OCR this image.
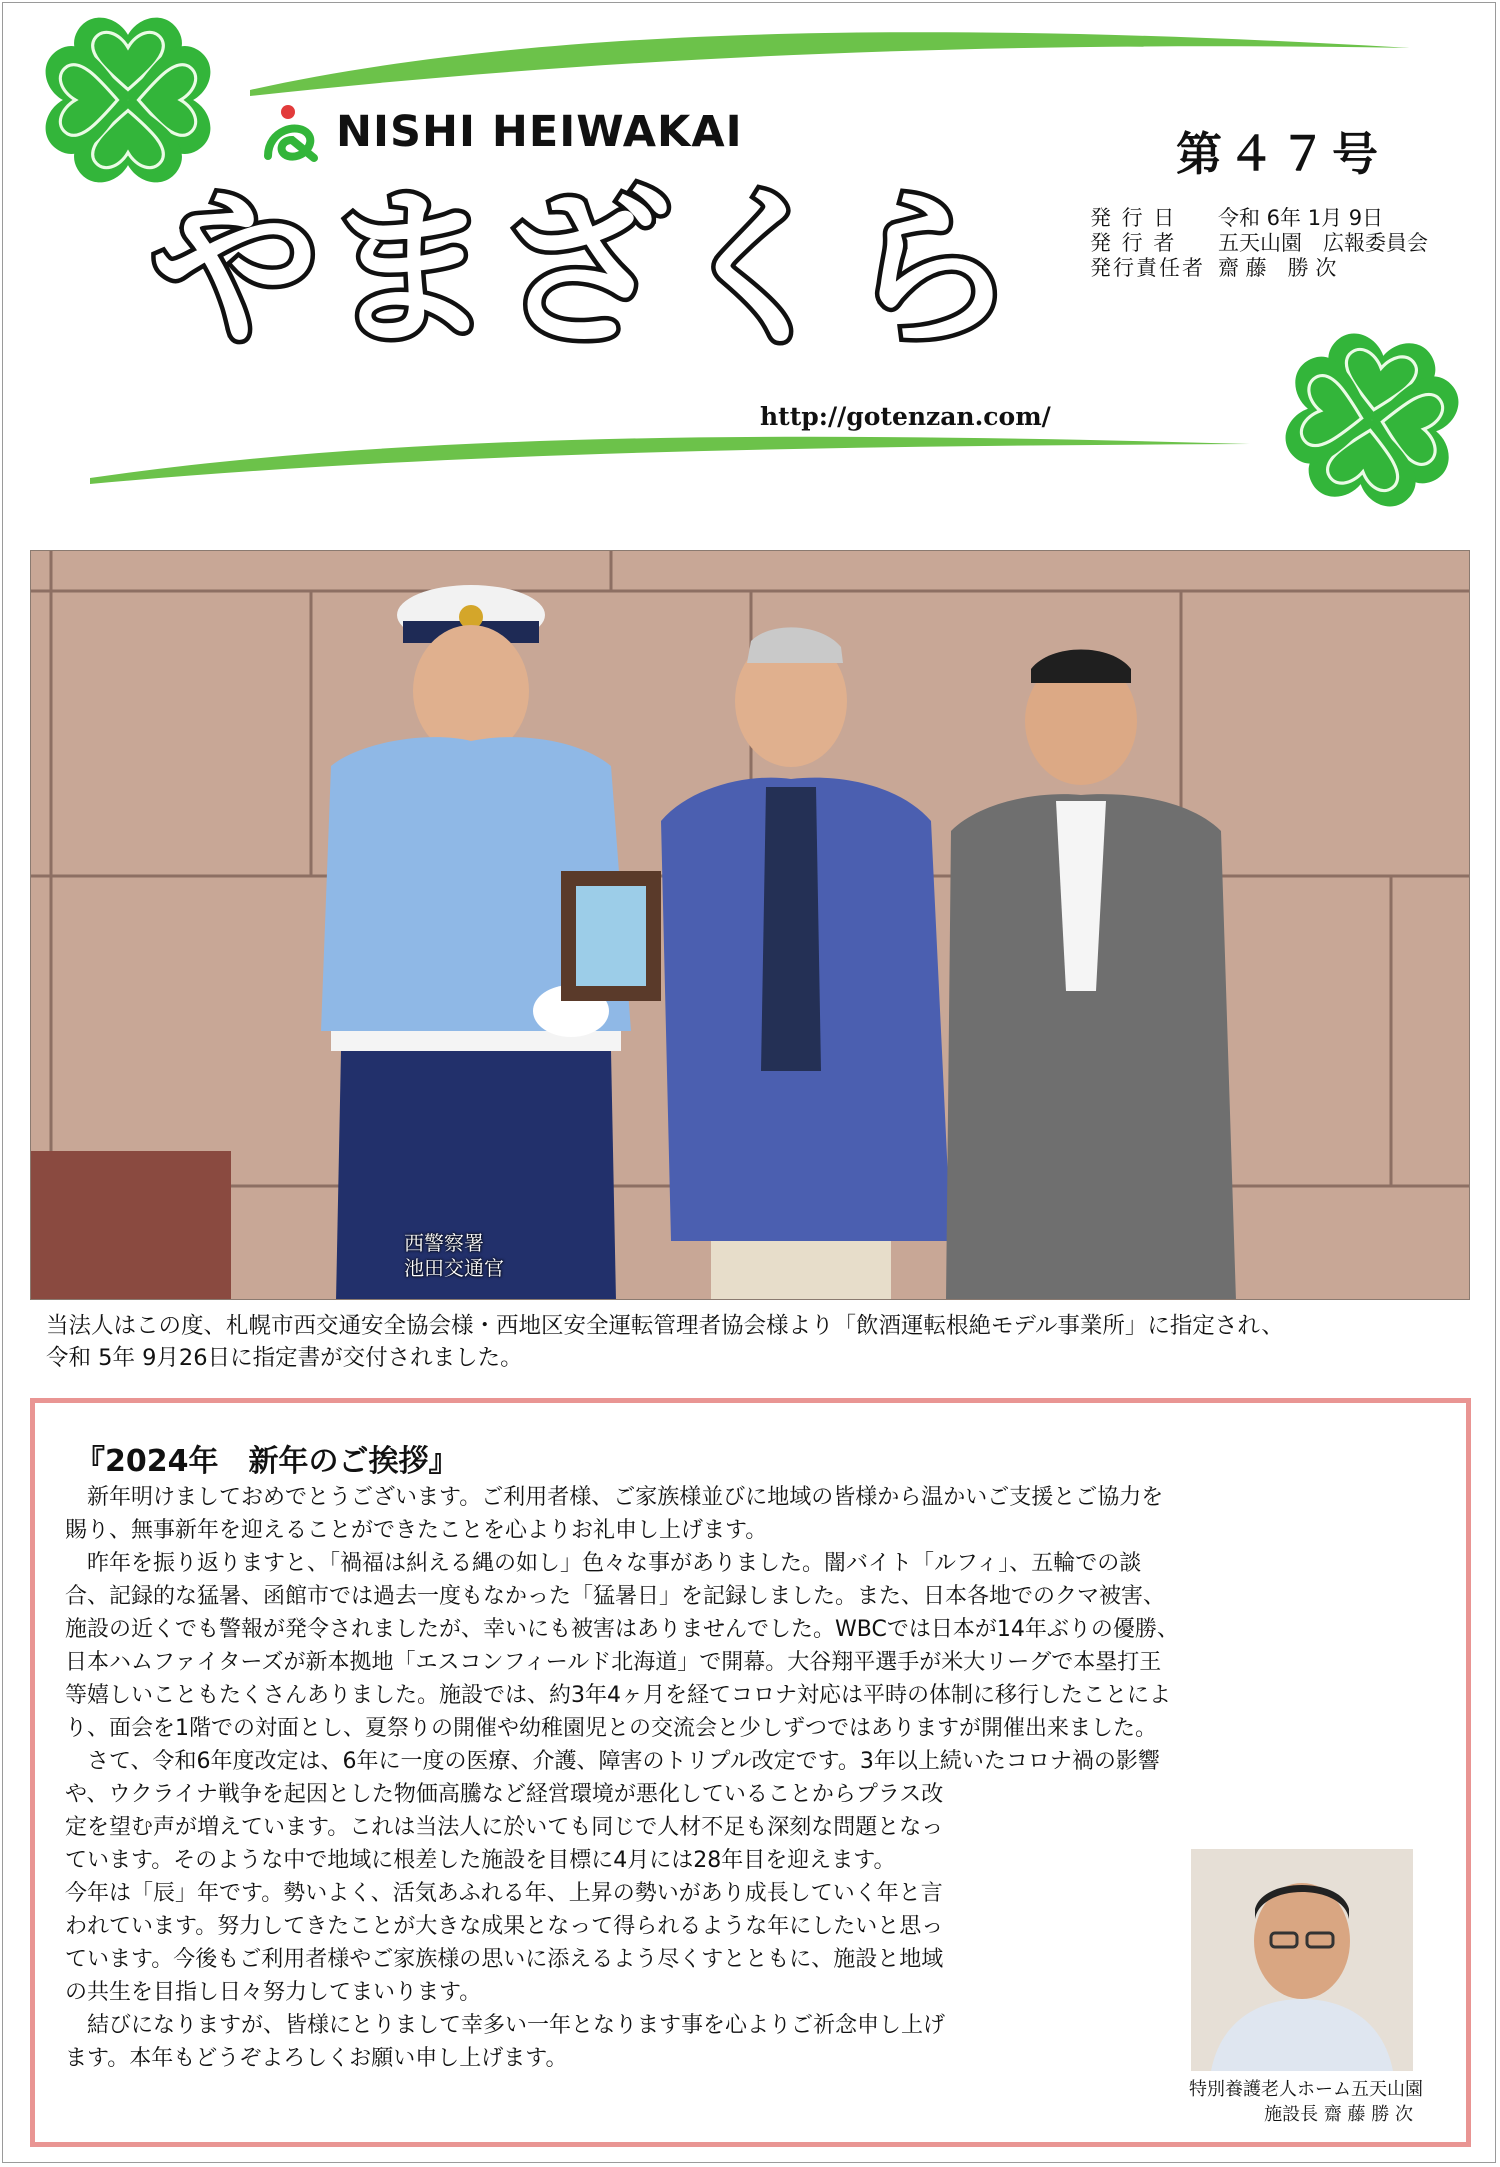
NISHI HEIWAKAI	第４７号
やまざくら	発 行 日	令和 6年 1月 9日
発 行 者	五天山園　広報委員会
発行責任者 齋 藤　勝 次
http://gotenzan.com/
西警察署
池田交通官
当法人はこの度、札幌市西交通安全協会様・西地区安全運転管理者協会様より「飲酒運転根絶モデル事業所」に指定され、
令和 5年 9月26日に指定書が交付されました。
『2024年　新年のご挨拶』
　新年明けましておめでとうございます。ご利用者様、ご家族様並びに地域の皆様から温かいご支援とご協力を
賜り、無事新年を迎えることができたことを心よりお礼申し上げます。
　昨年を振り返りますと、「禍福は糾える縄の如し」色々な事がありました。闇バイト「ルフィ」、五輪での談
合、記録的な猛暑、函館市では過去一度もなかった「猛暑日」を記録しました。また、日本各地でのクマ被害、
施設の近くでも警報が発令されましたが、幸いにも被害はありませんでした。WBCでは日本が14年ぶりの優勝、
日本ハムファイターズが新本拠地「エスコンフィールド北海道」で開幕。大谷翔平選手が米大リーグで本塁打王
等嬉しいこともたくさんありました。施設では、約3年4ヶ月を経てコロナ対応は平時の体制に移行したことによ
り、面会を1階での対面とし、夏祭りの開催や幼稚園児との交流会と少しずつではありますが開催出来ました。
　さて、令和6年度改定は、6年に一度の医療、介護、障害のトリプル改定です。3年以上続いたコロナ禍の影響
や、ウクライナ戦争を起因とした物価高騰など経営環境が悪化していることからプラス改
定を望む声が増えています。これは当法人に於いても同じで人材不足も深刻な問題となっ
ています。そのような中で地域に根差した施設を目標に4月には28年目を迎えます。
今年は「辰」年です。勢いよく、活気あふれる年、上昇の勢いがあり成長していく年と言
われています。努力してきたことが大きな成果となって得られるような年にしたいと思っ
ています。今後もご利用者様やご家族様の思いに添えるよう尽くすとともに、施設と地域
の共生を目指し日々努力してまいります。
　結びになりますが、皆様にとりまして幸多い一年となります事を心よりご祈念申し上げ
ます。本年もどうぞよろしくお願い申し上げます。
特別養護老人ホーム五天山園
施設長 齋 藤 勝 次
